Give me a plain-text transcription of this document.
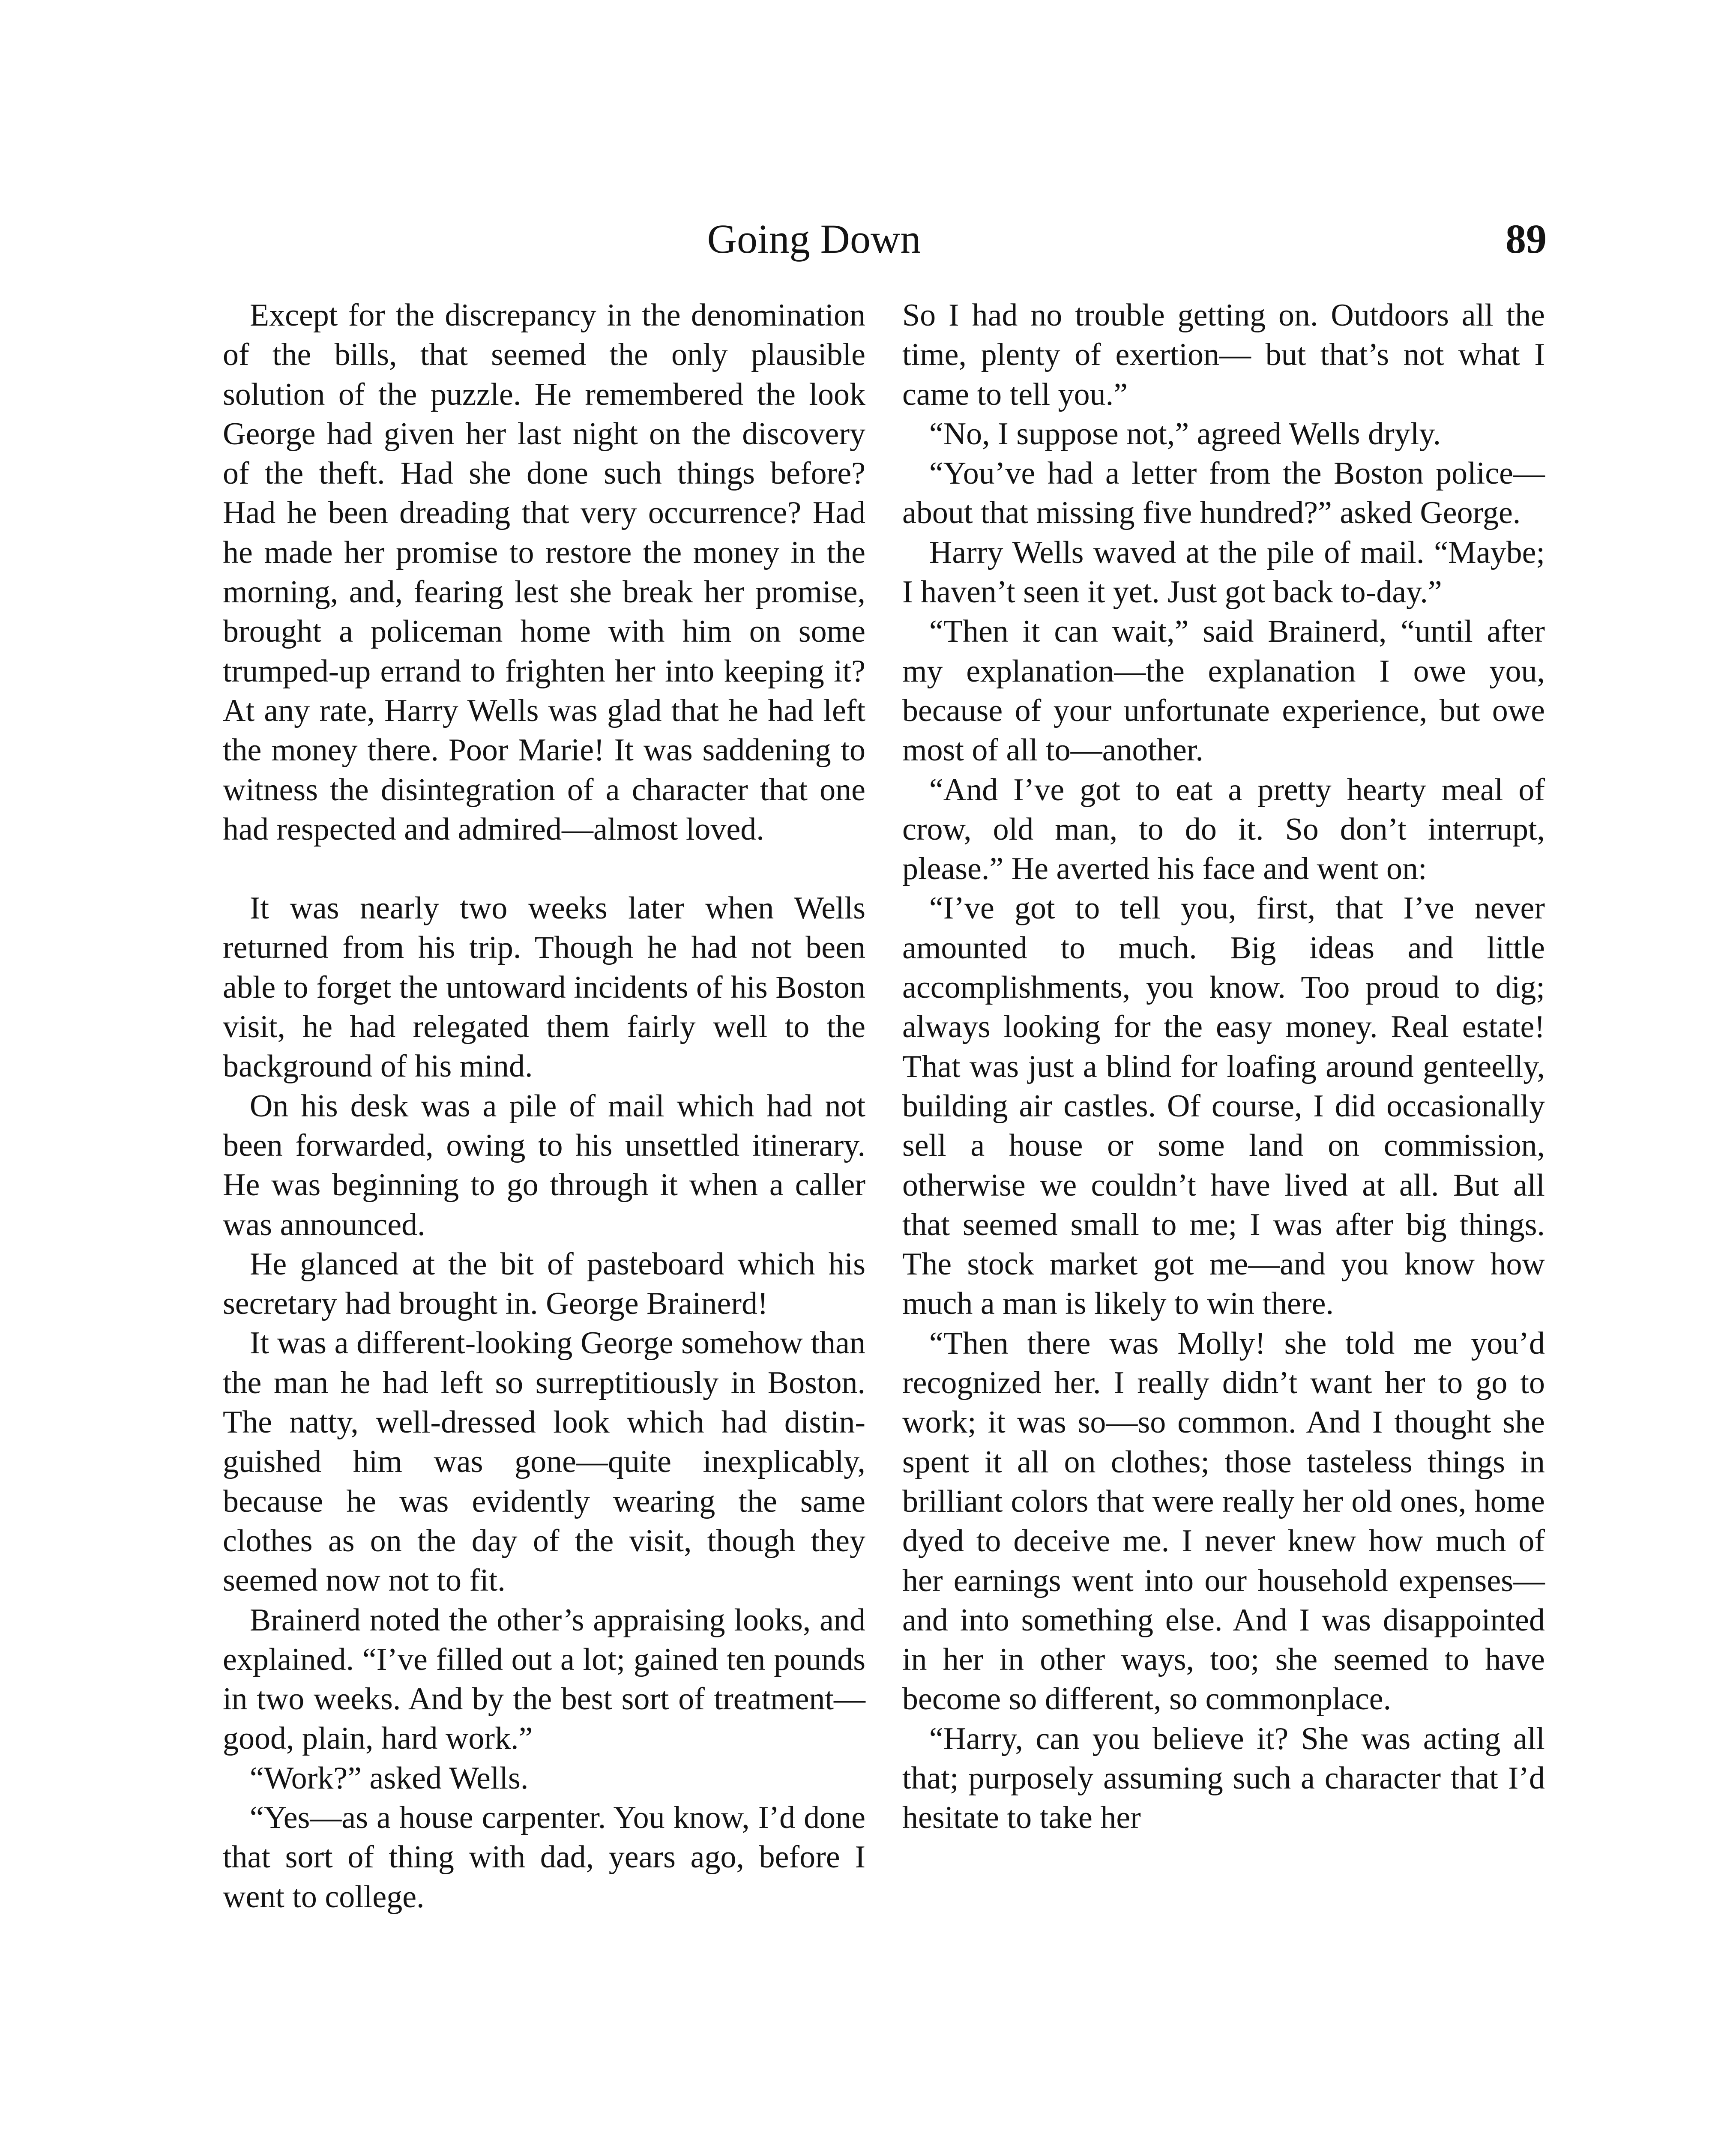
Going Down	89

Except for the discrepancy in the denomination of the bills, that seemed the only plausible solution of the puzzle. He remembered the look George had given her last night on the discovery of the theft. Had she done such things before? Had he been dreading that very occurrence? Had he made her promise to restore the money in the morning, and, fearing lest she break her promise, brought a policeman home with him on some trumped-up errand to frighten her into keeping it? At any rate, Harry Wells was glad that he had left the money there. Poor Marie! It was saddening to witness the disintegration of a character that one had respected and admired—almost loved.

It was nearly two weeks later when Wells returned from his trip. Though he had not been able to forget the untoward incidents of his Boston visit, he had relegated them fairly well to the background of his mind.

On his desk was a pile of mail which had not been forwarded, owing to his unsettled itinerary. He was beginning to go through it when a caller was announced.

He glanced at the bit of pasteboard which his secretary had brought in. George Brainerd!

It was a different-looking George somehow than the man he had left so surreptitiously in Boston. The natty, well-dressed look which had distinguished him was gone—quite inexplicably, because he was evidently wearing the same clothes as on the day of the visit, though they seemed now not to fit.

Brainerd noted the other’s appraising looks, and explained. “I’ve filled out a lot; gained ten pounds in two weeks. And by the best sort of treatment— good, plain, hard work.”

“Work?” asked Wells.

“Yes—as a house carpenter. You know, I’d done that sort of thing with dad, years ago, before I went to college.

So I had no trouble getting on. Outdoors all the time, plenty of exertion— but that’s not what I came to tell you.”

“No, I suppose not,” agreed Wells dryly.

“You’ve had a letter from the Boston police—about that missing five hundred?” asked George.

Harry Wells waved at the pile of mail. “Maybe; I haven’t seen it yet. Just got back to-day.”

“Then it can wait,” said Brainerd, “until after my explanation—the explanation I owe you, because of your unfortunate experience, but owe most of all to—another.

“And I’ve got to eat a pretty hearty meal of crow, old man, to do it. So don’t interrupt, please.” He averted his face and went on:

“I’ve got to tell you, first, that I’ve never amounted to much. Big ideas and little accomplishments, you know. Too proud to dig; always looking for the easy money. Real estate! That was just a blind for loafing around genteelly, building air castles. Of course, I did occasionally sell a house or some land on commission, otherwise we couldn’t have lived at all. But all that seemed small to me; I was after big things. The stock market got me—and you know how much a man is likely to win there.

“Then there was Molly! she told me you’d recognized her. I really didn’t want her to go to work; it was so—so common. And I thought she spent it all on clothes; those tasteless things in brilliant colors that were really her old ones, home dyed to deceive me. I never knew how much of her earnings went into our household expenses—and into something else. And I was disappointed in her in other ways, too; she seemed to have become so different, so commonplace.

“Harry, can you believe it? She was acting all that; purposely assuming such a character that I’d hesitate to take her
